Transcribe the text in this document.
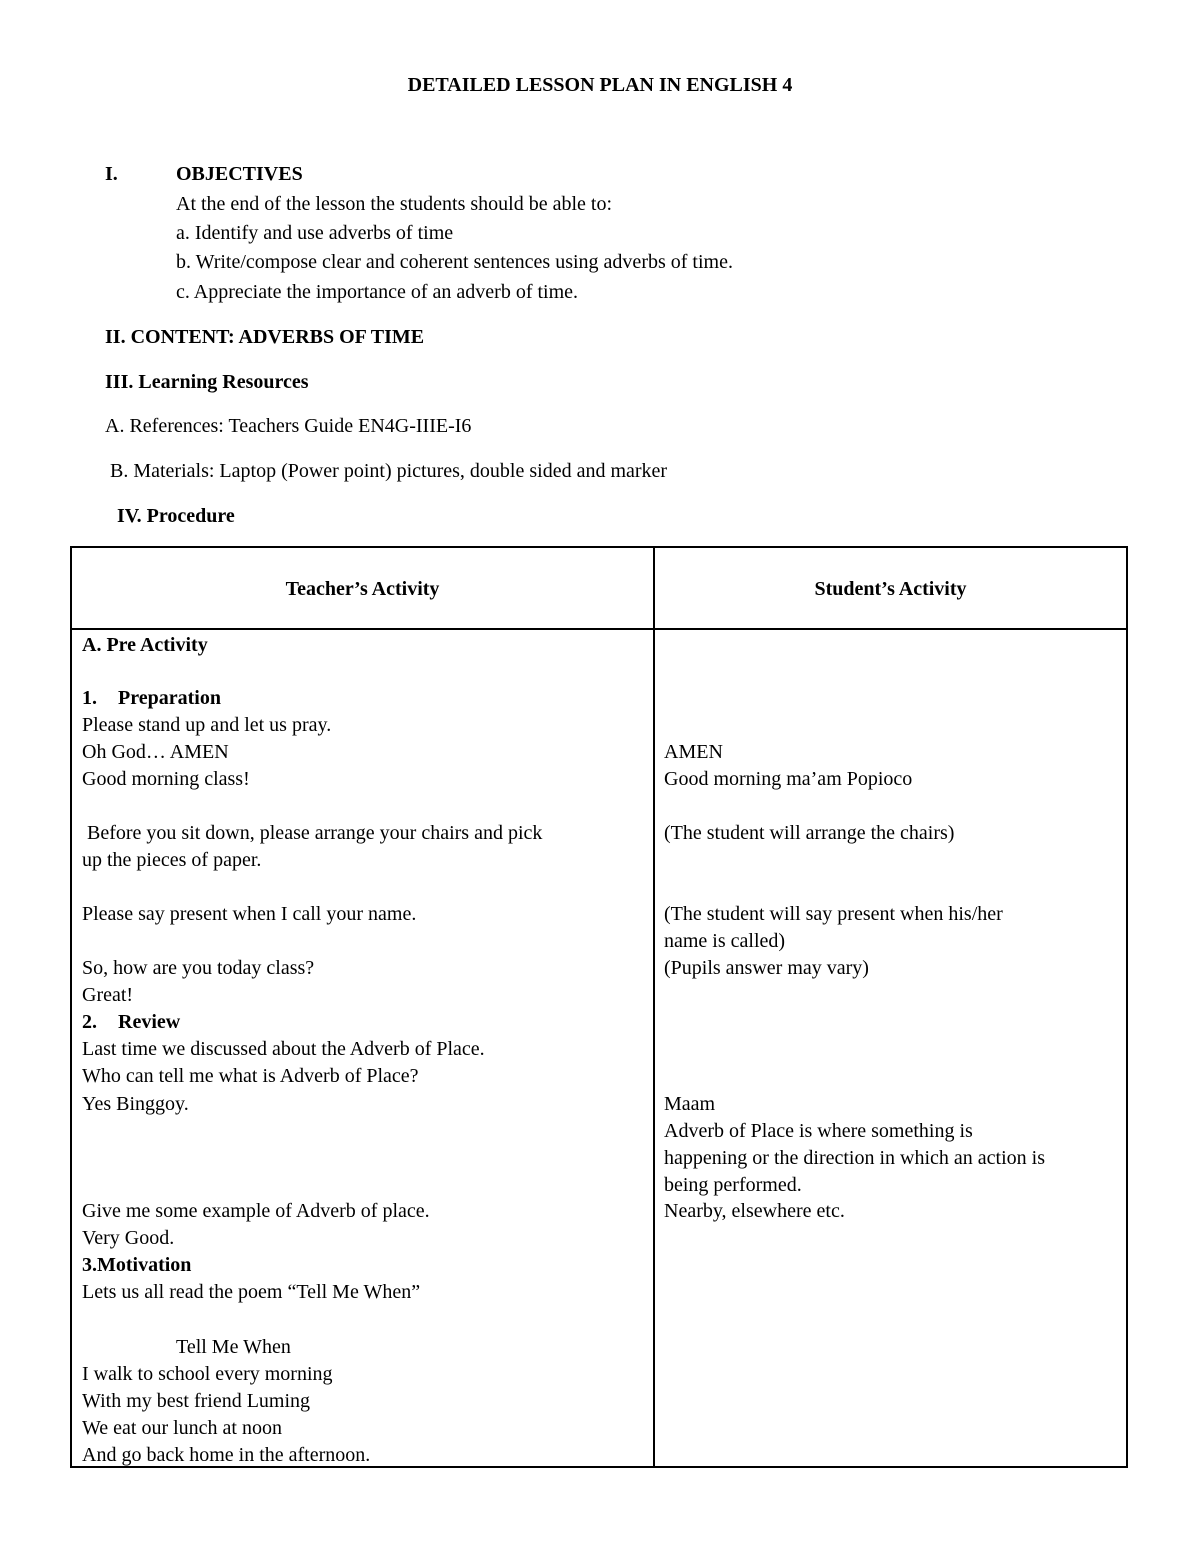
DETAILED LESSON PLAN IN ENGLISH 4
I.	OBJECTIVES
At the end of the lesson the students should be able to:
a. Identify and use adverbs of time
b. Write/compose clear and coherent sentences using adverbs of time.
c. Appreciate the importance of an adverb of time.
II. CONTENT: ADVERBS OF TIME
III. Learning Resources
A. References: Teachers Guide EN4G-IIIE-I6
B. Materials: Laptop (Power point) pictures, double sided and marker
IV. Procedure
Teacher’s Activity	Student’s Activity
A. Pre Activity
1. Preparation
Please stand up and let us pray.
Oh God… AMEN
Good morning class!
Before you sit down, please arrange your chairs and pick
up the pieces of paper.
Please say present when I call your name.
So, how are you today class?
Great!
2. Review
Last time we discussed about the Adverb of Place.
Who can tell me what is Adverb of Place?
Yes Binggoy.
Give me some example of Adverb of place.
Very Good.
3.Motivation
Lets us all read the poem “Tell Me When”
Tell Me When
I walk to school every morning
With my best friend Luming
We eat our lunch at noon
And go back home in the afternoon.
AMEN
Good morning ma’am Popioco
(The student will arrange the chairs)
(The student will say present when his/her
name is called)
(Pupils answer may vary)
Maam
Adverb of Place is where something is
happening or the direction in which an action is
being performed.
Nearby, elsewhere etc.
